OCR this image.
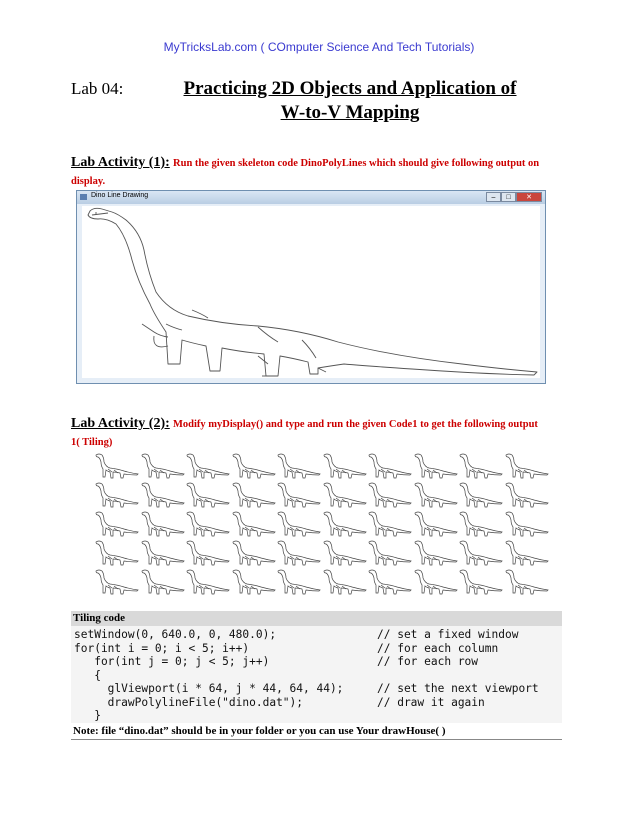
MyTricksLab.com ( COmputer Science And Tech Tutorials)
Lab 04:	Practicing 2D Objects and Application of
W-to-V Mapping
Lab Activity (1): Run the given skeleton code DinoPolyLines which should give following output on display.
Dino Line Drawing	–	□	✕
Lab Activity (2): Modify myDisplay() and type and run the given Code1 to get the following output 1( Tiling)
Tiling code
setWindow(0, 640.0, 0, 480.0);	// set a fixed window
for(int i = 0; i < 5; i++)	// for each column
for(int j = 0; j < 5; j++)	// for each row
{
glViewport(i * 64, j * 44, 64, 44);	// set the next viewport
drawPolylineFile("dino.dat");	// draw it again
}
Note: file “dino.dat” should be in your folder or you can use Your drawHouse( )
